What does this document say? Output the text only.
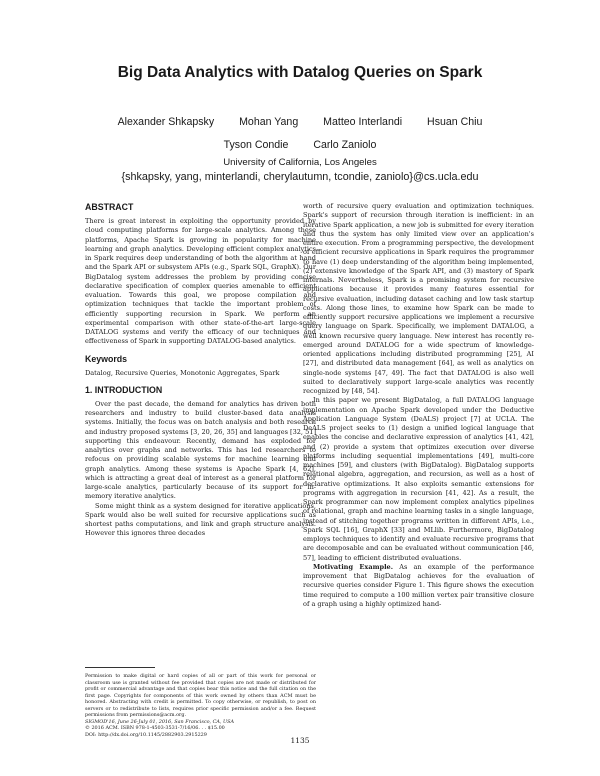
Big Data Analytics with Datalog Queries on Spark
Alexander Shkapsky Mohan Yang Matteo Interlandi Hsuan Chiu
Tyson Condie Carlo Zaniolo
University of California, Los Angeles
{shkapsky, yang, minterlandi, cherylautumn, tcondie, zaniolo}@cs.ucla.edu
ABSTRACT

There is great interest in exploiting the opportunity provided by cloud computing platforms for large-scale analytics. Among these platforms, Apache Spark is growing in popularity for machine learning and graph analytics. Developing efficient complex analytics in Spark requires deep understanding of both the algorithm at hand and the Spark API or subsystem APIs (e.g., Spark SQL, GraphX). Our BigDatalog system addresses the problem by providing concise declarative specification of complex queries amenable to efficient evaluation. Towards this goal, we propose compilation and optimization techniques that tackle the important problem of efficiently supporting recursion in Spark. We perform an experimental comparison with other state-of-the-art large-scale DATALOG systems and verify the efficacy of our techniques and effectiveness of Spark in supporting DATALOG-based analytics.

Keywords

Datalog, Recursive Queries, Monotonic Aggregates, Spark

1. INTRODUCTION

Over the past decade, the demand for analytics has driven both researchers and industry to build cluster-based data analysis systems. Initially, the focus was on batch analysis and both research and industry proposed systems [3, 20, 26, 35] and languages [32, 51] supporting this endeavour. Recently, demand has exploded for analytics over graphs and networks. This has led researchers to refocus on providing scalable systems for machine learning and graph analytics. Among these systems is Apache Spark [4, 62], which is attracting a great deal of interest as a general platform for large-scale analytics, particularly because of its support for in-memory iterative analytics.

Some might think as a system designed for iterative applications, Spark would also be well suited for recursive applications such as shortest paths computations, and link and graph structure analysis. However this ignores three decades

Permission to make digital or hard copies of all or part of this work for personal or classroom use is granted without fee provided that copies are not made or distributed for profit or commercial advantage and that copies bear this notice and the full citation on the first page. Copyrights for components of this work owned by others than ACM must be honored. Abstracting with credit is permitted. To copy otherwise, or republish, to post on servers or to redistribute to lists, requires prior specific permission and/or a fee. Request permissions from permissions@acm.org.

SIGMOD'16, June 26-July 01, 2016, San Francisco, CA, USA

© 2016 ACM. ISBN 978-1-4503-3531-7/16/06. . . $15.00

DOI: http://dx.doi.org/10.1145/2882903.2915229

worth of recursive query evaluation and optimization techniques. Spark's support of recursion through iteration is inefficient: in an iterative Spark application, a new job is submitted for every iteration and thus the system has only limited view over an application's entire execution. From a programming perspective, the development of efficient recursive applications in Spark requires the programmer to have (1) deep understanding of the algorithm being implemented, (2) extensive knowledge of the Spark API, and (3) mastery of Spark internals. Nevertheless, Spark is a promising system for recursive applications because it provides many features essential for recursive evaluation, including dataset caching and low task startup costs. Along those lines, to examine how Spark can be made to efficiently support recursive applications we implement a recursive query language on Spark. Specifically, we implement DATALOG, a well known recursive query language. New interest has recently re-emerged around DATALOG for a wide spectrum of knowledge-oriented applications including distributed programming [25], AI [27], and distributed data management [64], as well as analytics on single-node systems [47, 49]. The fact that DATALOG is also well suited to declaratively support large-scale analytics was recently recognized by [48, 54].

In this paper we present BigDatalog, a full DATALOG language implementation on Apache Spark developed under the Deductive Application Language System (DeALS) project [7] at UCLA. The DeALS project seeks to (1) design a unified logical language that enables the concise and declarative expression of analytics [41, 42], and (2) provide a system that optimizes execution over diverse platforms including sequential implementations [49], multi-core machines [59], and clusters (with BigDatalog). BigDatalog supports relational algebra, aggregation, and recursion, as well as a host of declarative optimizations. It also exploits semantic extensions for programs with aggregation in recursion [41, 42]. As a result, the Spark programmer can now implement complex analytics pipelines of relational, graph and machine learning tasks in a single language, instead of stitching together programs written in different APIs, i.e., Spark SQL [16], GraphX [33] and MLlib. Furthermore, BigDatalog employs techniques to identify and evaluate recursive programs that are decomposable and can be evaluated without communication [46, 57], leading to efficient distributed evaluations.

Motivating Example. As an example of the performance improvement that BigDatalog achieves for the evaluation of recursive queries consider Figure 1. This figure shows the execution time required to compute a 100 million vertex pair transitive closure of a graph using a highly optimized hand-

1135
